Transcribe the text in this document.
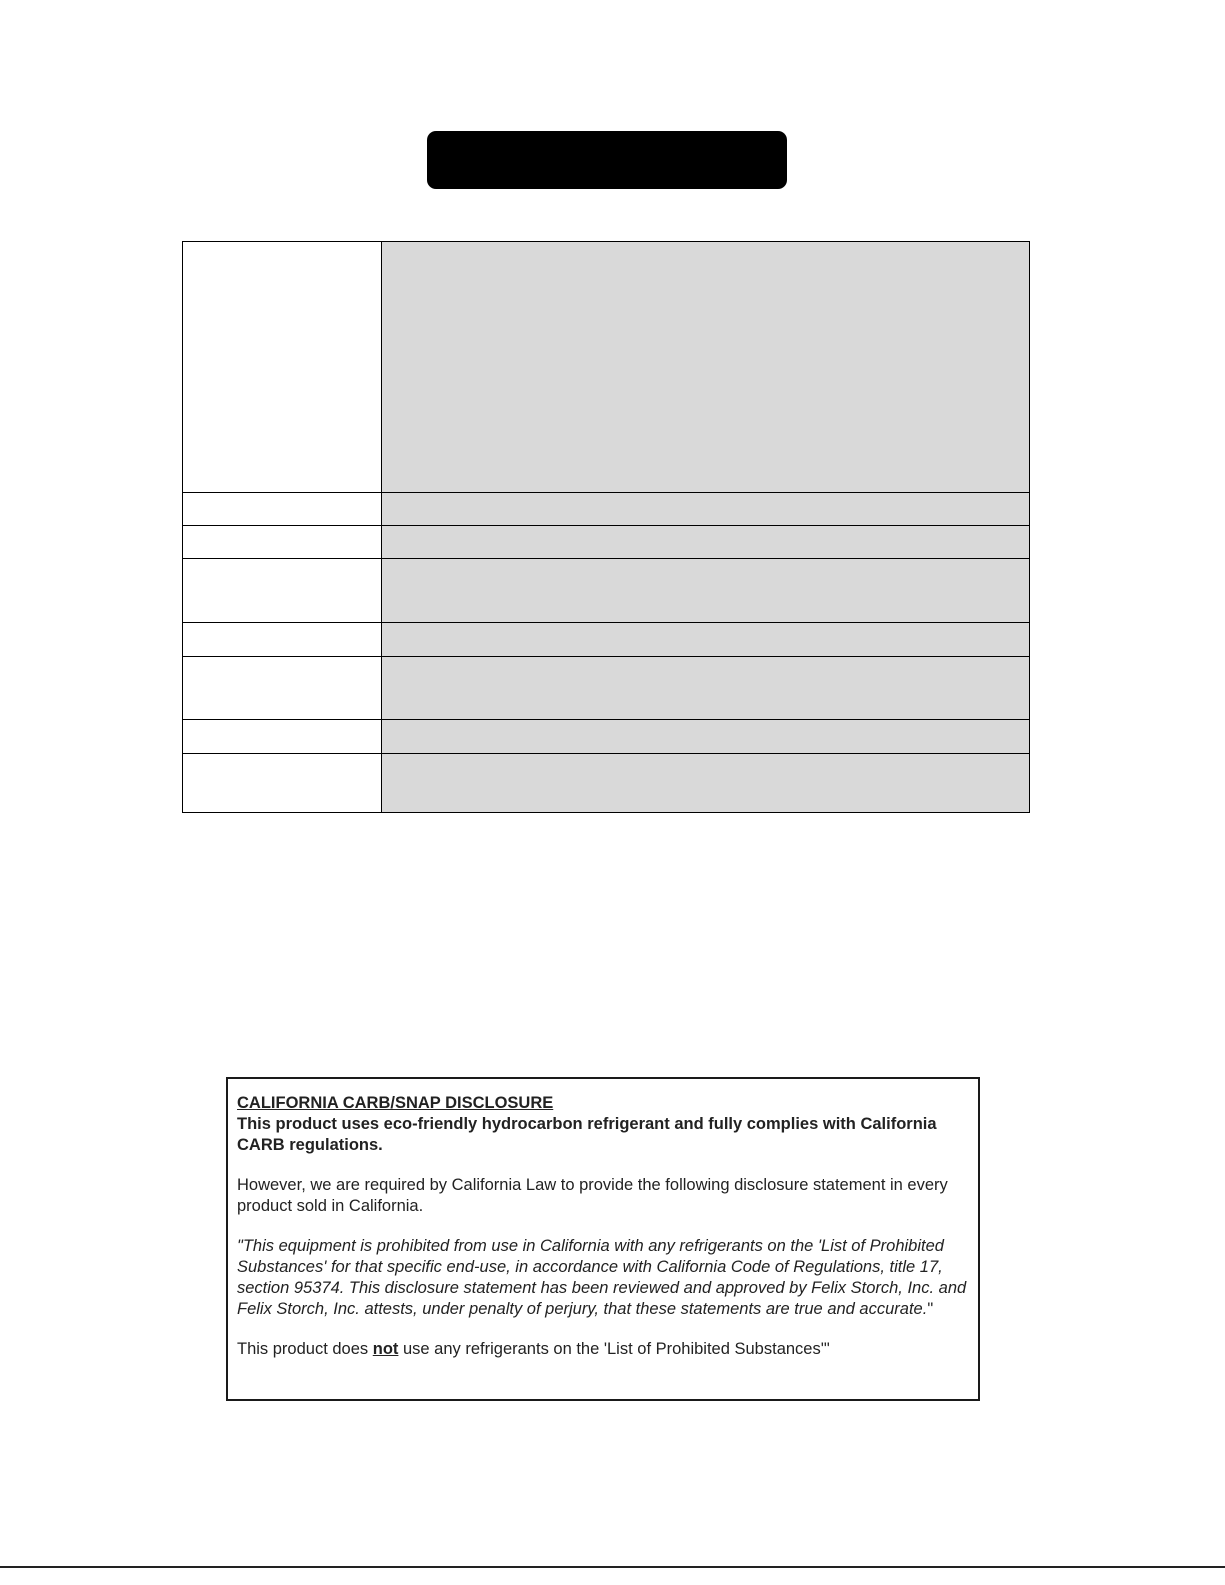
CALIFORNIA CARB/SNAP DISCLOSURE

This product uses eco-friendly hydrocarbon refrigerant and fully complies with California CARB regulations.

However, we are required by California Law to provide the following disclosure statement in every product sold in California.

"This equipment is prohibited from use in California with any refrigerants on the 'List of Prohibited Substances' for that specific end-use, in accordance with California Code of Regulations, title 17, section 95374. This disclosure statement has been reviewed and approved by Felix Storch, Inc. and Felix Storch, Inc. attests, under penalty of perjury, that these statements are true and accurate."

This product does not use any refrigerants on the 'List of Prohibited Substances'"
